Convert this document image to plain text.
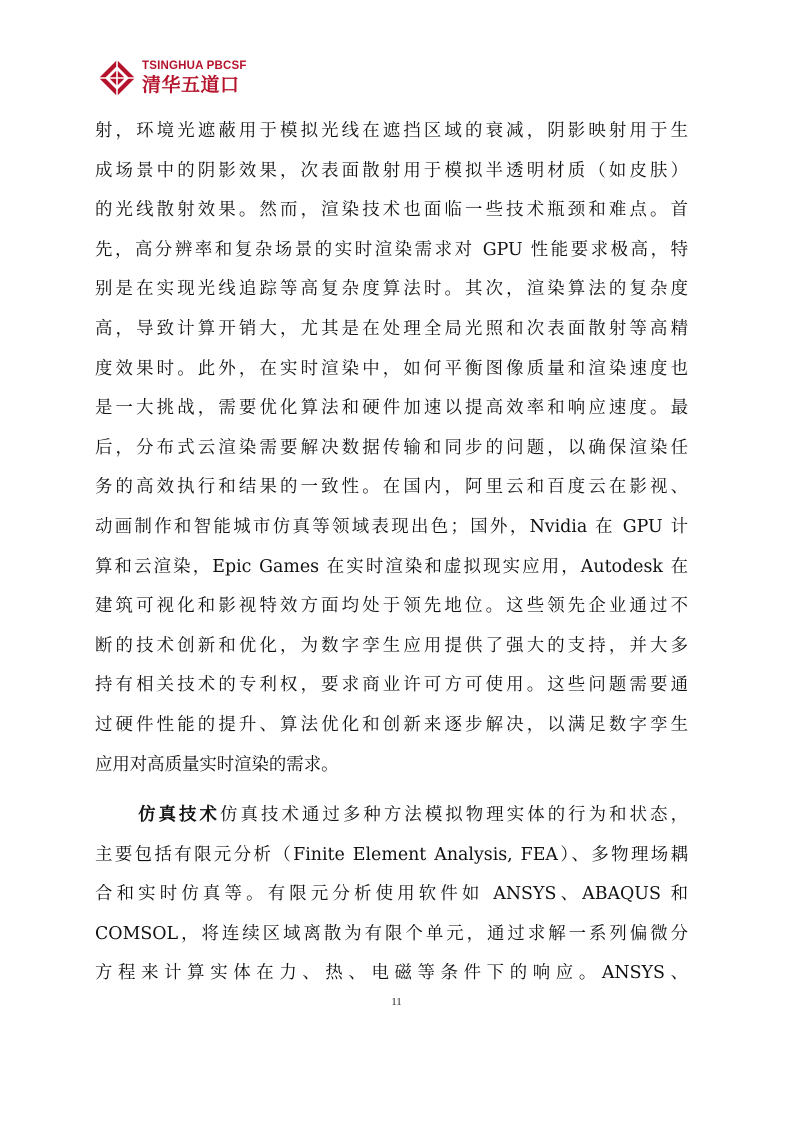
TSINGHUA PBCSF
清华五道口
射，环境光遮蔽用于模拟光线在遮挡区域的衰减，阴影映射用于生
成场景中的阴影效果，次表面散射用于模拟半透明材质（如皮肤）
的光线散射效果。然而，渲染技术也面临一些技术瓶颈和难点。首
先，高分辨率和复杂场景的实时渲染需求对 GPU 性能要求极高，特
别是在实现光线追踪等高复杂度算法时。其次，渲染算法的复杂度
高，导致计算开销大，尤其是在处理全局光照和次表面散射等高精
度效果时。此外，在实时渲染中，如何平衡图像质量和渲染速度也
是一大挑战，需要优化算法和硬件加速以提高效率和响应速度。最
后，分布式云渲染需要解决数据传输和同步的问题，以确保渲染任
务的高效执行和结果的一致性。在国内，阿里云和百度云在影视、
动画制作和智能城市仿真等领域表现出色；国外，Nvidia 在 GPU 计
算和云渲染，Epic Games 在实时渲染和虚拟现实应用，Autodesk 在
建筑可视化和影视特效方面均处于领先地位。这些领先企业通过不
断的技术创新和优化，为数字孪生应用提供了强大的支持，并大多
持有相关技术的专利权，要求商业许可方可使用。这些问题需要通
过硬件性能的提升、算法优化和创新来逐步解决，以满足数字孪生
应用对高质量实时渲染的需求。
仿真技术仿真技术通过多种方法模拟物理实体的行为和状态，
主要包括有限元分析（Finite Element Analysis, FEA）、多物理场耦
合和实时仿真等。有限元分析使用软件如 ANSYS、ABAQUS 和
COMSOL，将连续区域离散为有限个单元，通过求解一系列偏微分
方程来计算实体在力、热、电磁等条件下的响应。ANSYS、
11
